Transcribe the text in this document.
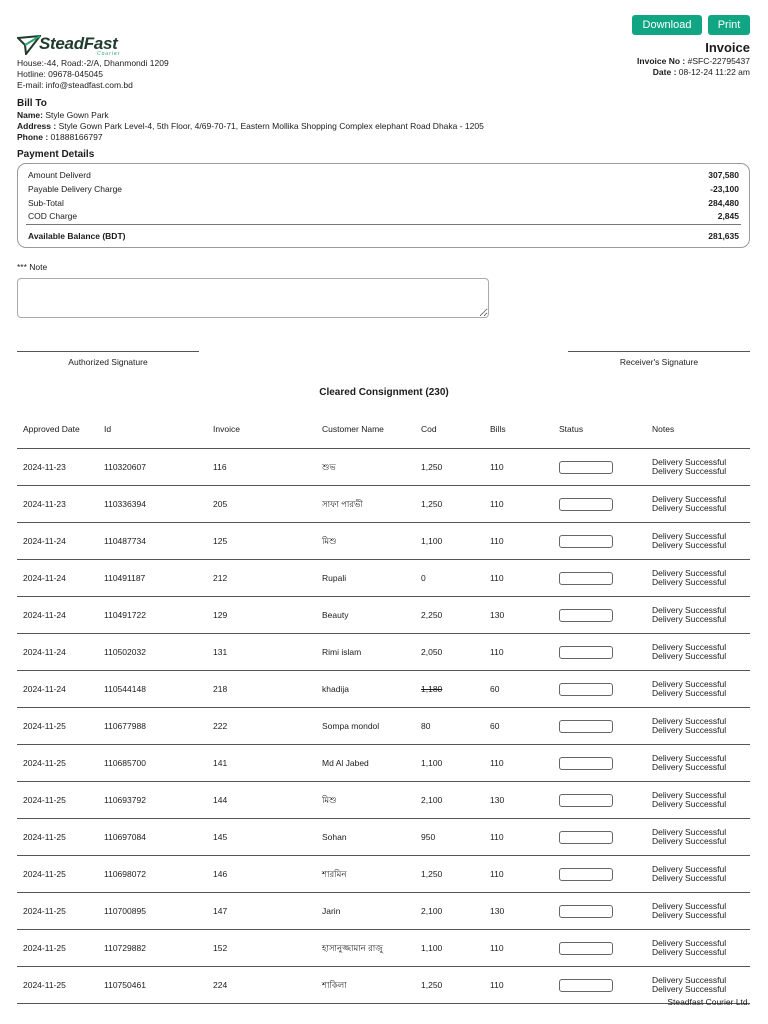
Download	Print
SteadFast
Courier
House:-44, Road:-2/A, Dhanmondi 1209
Hotline: 09678-045045
E-mail: info@steadfast.com.bd
Invoice
Invoice No : #SFC-22795437
Date : 08-12-24 11:22 am
Bill To
Name: Style Gown Park
Address : Style Gown Park Level-4, 5th Floor, 4/69-70-71, Eastern Mollika Shopping Complex elephant Road Dhaka - 1205
Phone : 01888166797
Payment Details
Amount Deliverd	307,580
Payable Delivery Charge	-23,100
Sub-Total	284,480
COD Charge	2,845
Available Balance (BDT)	281,635
*** Note
Authorized Signature	Receiver's Signature
Cleared Consignment (230)
Approved Date	Id	Invoice	Customer Name	Cod	Bills	Status	Notes
2024-11-23	110320607	116	শুভ	1,250	110		Delivery Successful
Delivery Successful

2024-11-23	110336394	205	সাফা পারভী	1,250	110		Delivery Successful
Delivery Successful

2024-11-24	110487734	125	মিশু	1,100	110		Delivery Successful
Delivery Successful

2024-11-24	110491187	212	Rupali	0	110		Delivery Successful
Delivery Successful

2024-11-24	110491722	129	Beauty	2,250	130		Delivery Successful
Delivery Successful

2024-11-24	110502032	131	Rimi islam	2,050	110		Delivery Successful
Delivery Successful

2024-11-24	110544148	218	khadija	1,180	60		Delivery Successful
Delivery Successful

2024-11-25	110677988	222	Sompa mondol	80	60		Delivery Successful
Delivery Successful

2024-11-25	110685700	141	Md Al Jabed	1,100	110		Delivery Successful
Delivery Successful

2024-11-25	110693792	144	মিশু	2,100	130		Delivery Successful
Delivery Successful

2024-11-25	110697084	145	Sohan	950	110		Delivery Successful
Delivery Successful

2024-11-25	110698072	146	শারমিন	1,250	110		Delivery Successful
Delivery Successful

2024-11-25	110700895	147	Jarin	2,100	130		Delivery Successful
Delivery Successful

2024-11-25	110729882	152	হাসানুজ্জামান রাজু	1,100	110		Delivery Successful
Delivery Successful

2024-11-25	110750461	224	শাকিলা	1,250	110		Delivery Successful
Delivery Successful
Steadfast Courier Ltd.
